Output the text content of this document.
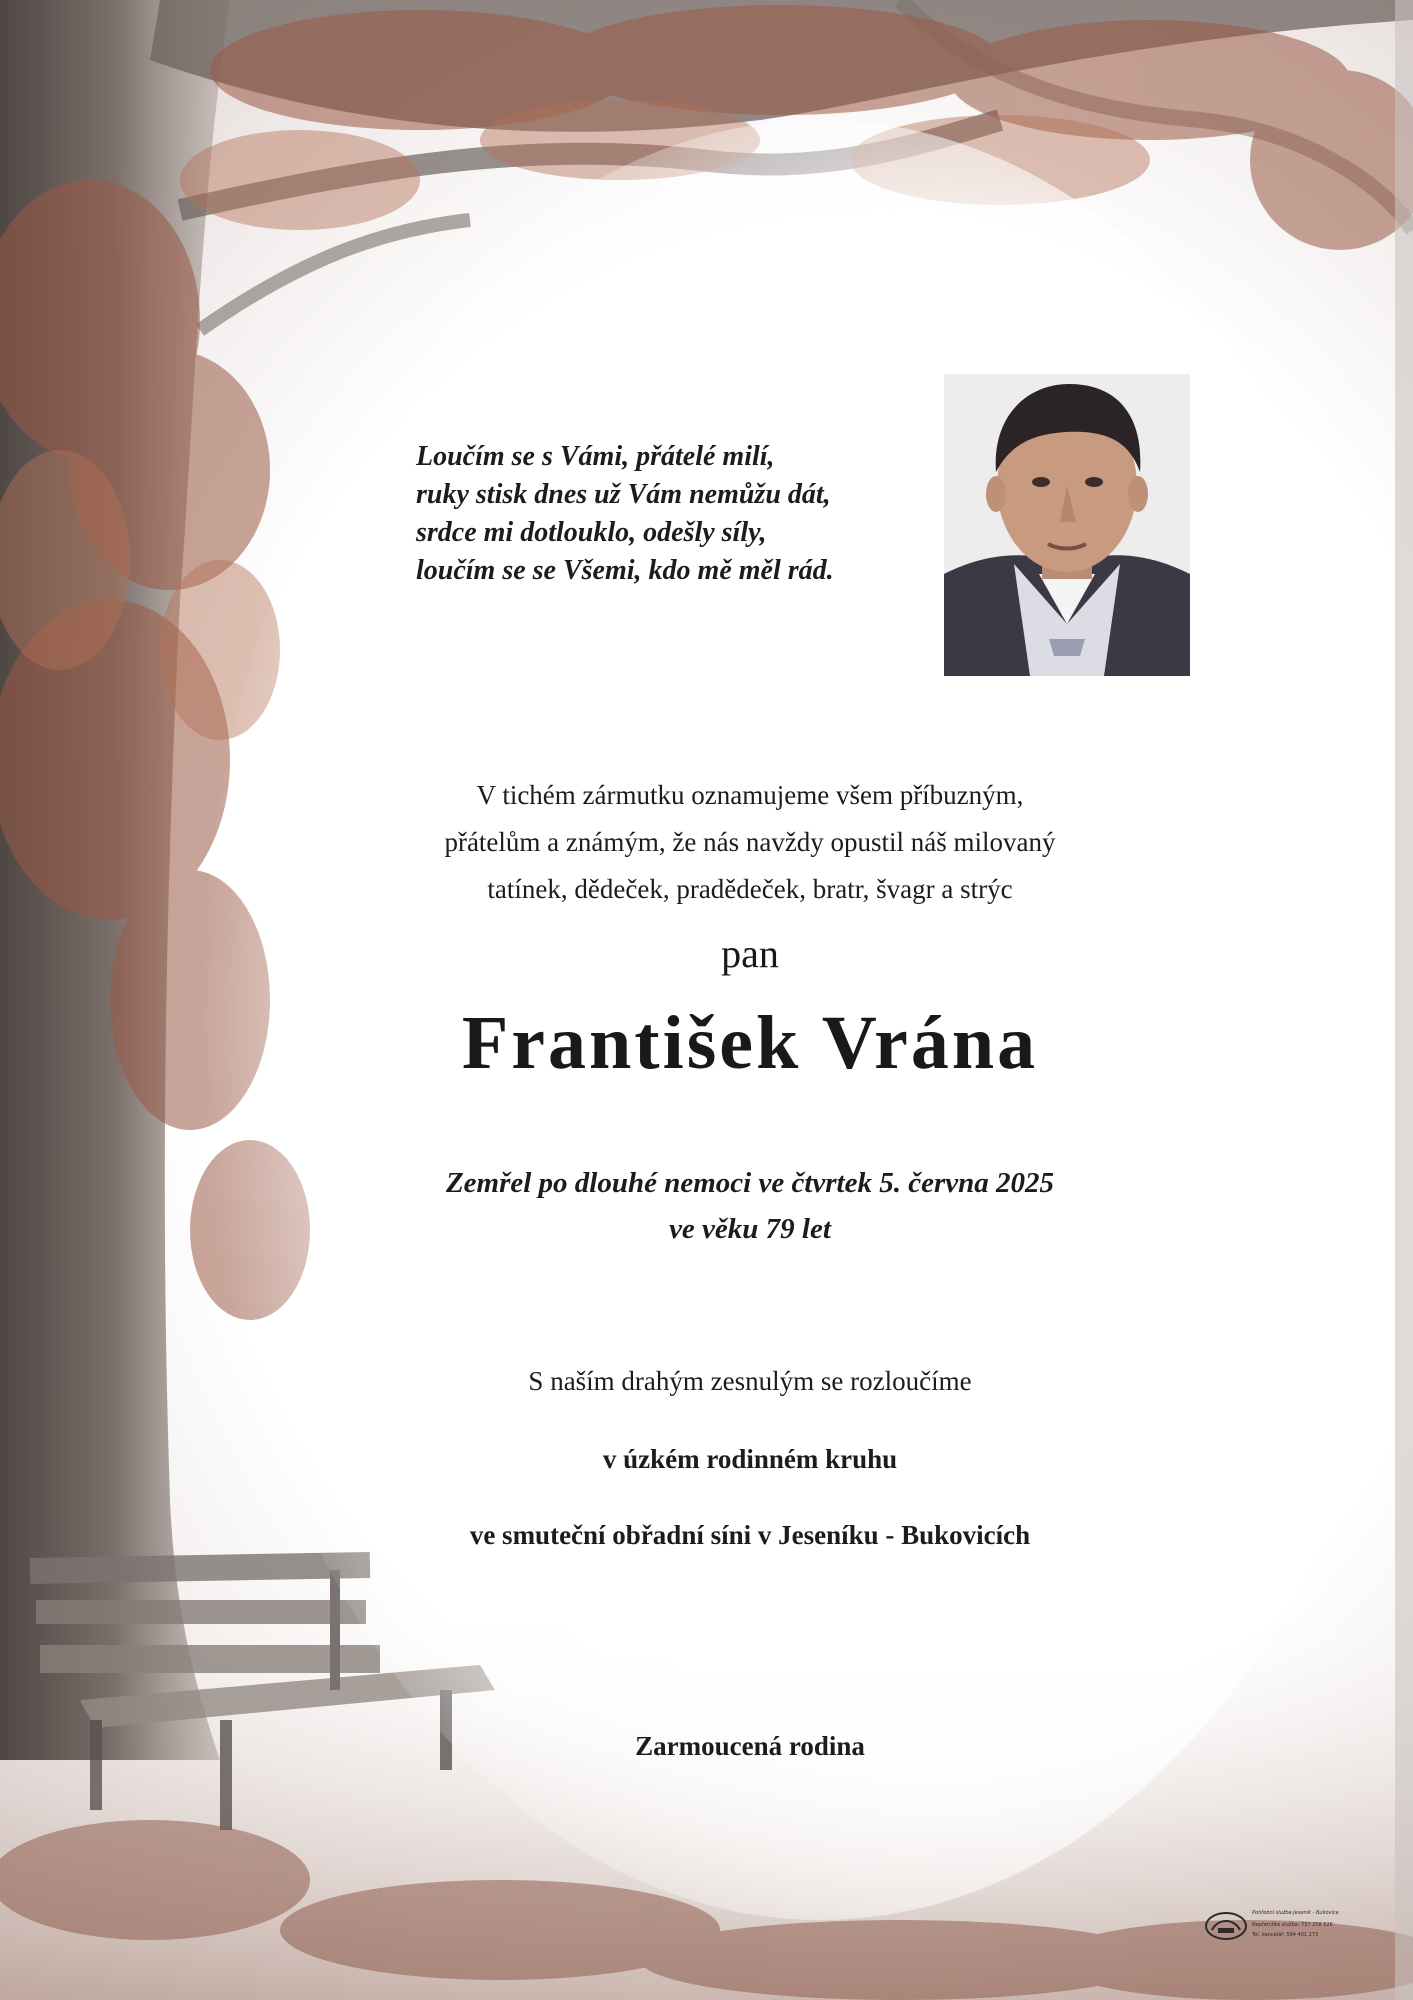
Loučím se s Vámi, přátelé milí,
ruky stisk dnes už Vám nemůžu dát,
srdce mi dotlouklo, odešly síly,
loučím se se Všemi, kdo mě měl rád.
V tichém zármutku oznamujeme všem příbuzným,
přátelům a známým, že nás navždy opustil náš milovaný
tatínek, dědeček, pradědeček, bratr, švagr a strýc
pan
František Vrána
Zemřel po dlouhé nemoci ve čtvrtek 5. června 2025
ve věku 79 let
S naším drahým zesnulým se rozloučíme
v úzkém rodinném kruhu
ve smuteční obřadní síni v Jeseníku - Bukovicích
Zarmoucená rodina
Pohřební služba Jeseník - Bukovice
Nepřetržitá služba: 737 258 526
Tel. kancelář: 584 401 273
